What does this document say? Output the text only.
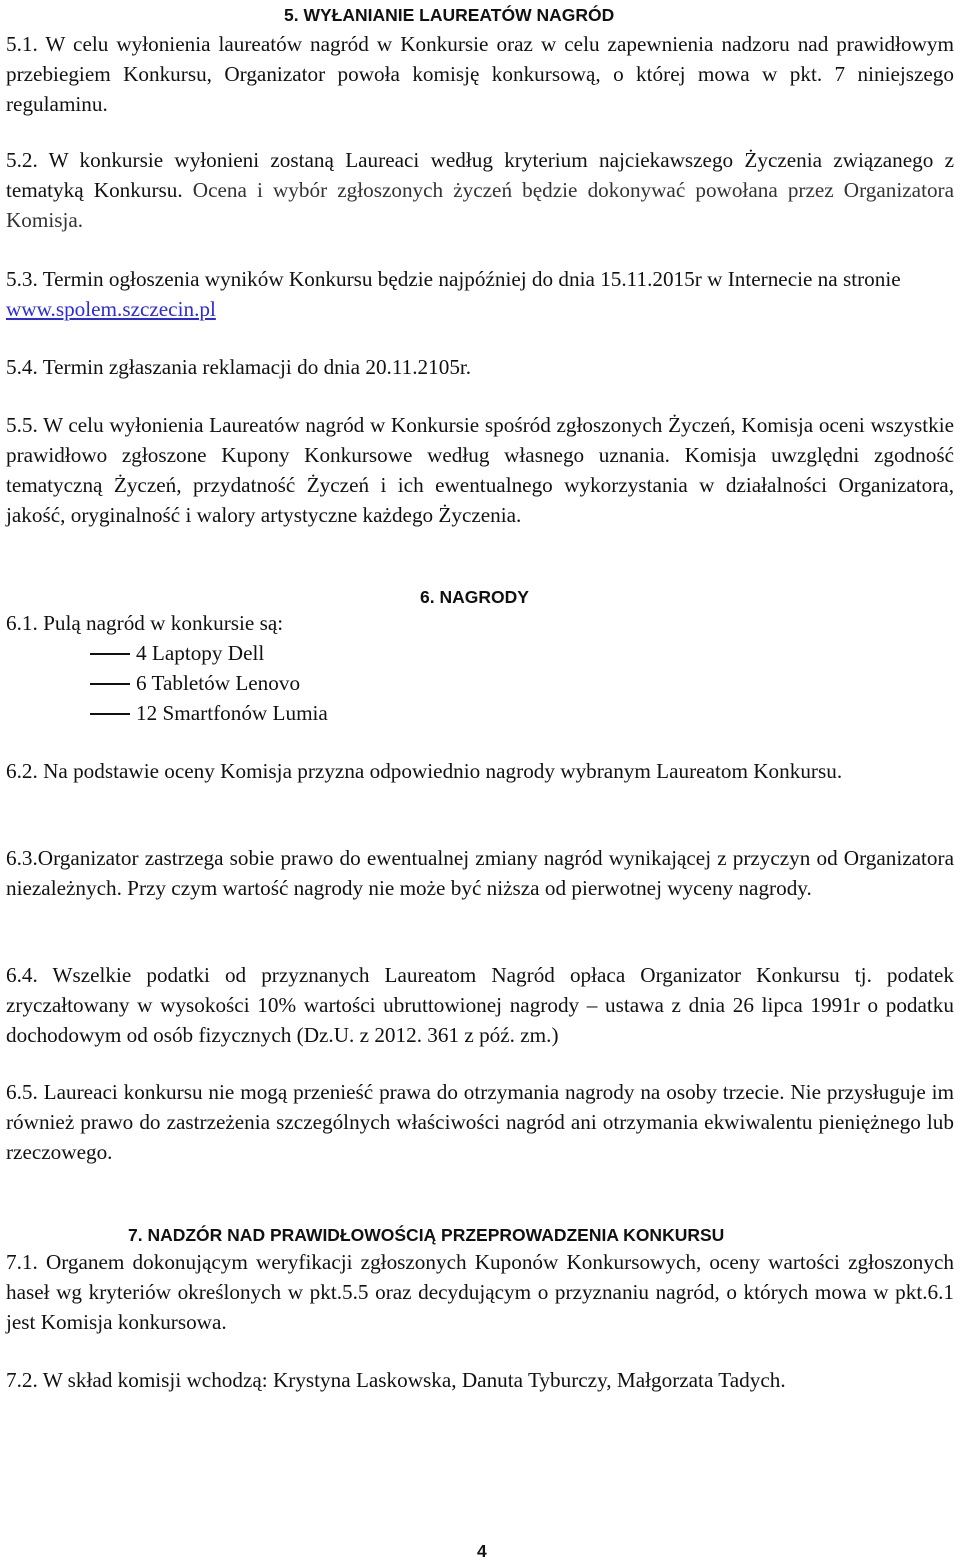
5. WYŁANIANIE LAUREATÓW NAGRÓD

5.1. W celu wyłonienia laureatów nagród w Konkursie oraz w celu zapewnienia nadzoru nad prawidłowym przebiegiem Konkursu, Organizator powoła komisję konkursową, o której mowa w pkt. 7 niniejszego regulaminu.

5.2. W konkursie wyłonieni zostaną Laureaci według kryterium najciekawszego Życzenia związanego z tematyką Konkursu. Ocena i wybór zgłoszonych życzeń będzie dokonywać powołana przez Organizatora Komisja.

5.3. Termin ogłoszenia wyników Konkursu będzie najpóźniej do dnia 15.11.2015r w Internecie na stronie www.spolem.szczecin.pl

5.4. Termin zgłaszania reklamacji do dnia 20.11.2105r.

5.5. W celu wyłonienia Laureatów nagród w Konkursie spośród zgłoszonych Życzeń, Komisja oceni wszystkie prawidłowo zgłoszone Kupony Konkursowe według własnego uznania. Komisja uwzględni zgodność tematyczną Życzeń, przydatność Życzeń i ich ewentualnego wykorzystania w działalności Organizatora, jakość, oryginalność i walory artystyczne każdego Życzenia.

6. NAGRODY

6.1. Pulą nagród w konkursie są:

4 Laptopy Dell
6 Tabletów Lenovo
12 Smartfonów Lumia

6.2. Na podstawie oceny Komisja przyzna odpowiednio nagrody wybranym Laureatom Konkursu.

6.3.Organizator zastrzega sobie prawo do ewentualnej zmiany nagród wynikającej z przyczyn od Organizatora niezależnych. Przy czym wartość nagrody nie może być niższa od pierwotnej wyceny nagrody.

6.4. Wszelkie podatki od przyznanych Laureatom Nagród opłaca Organizator Konkursu tj. podatek zryczałtowany w wysokości 10% wartości ubruttowionej nagrody – ustawa z dnia 26 lipca 1991r o podatku dochodowym od osób fizycznych (Dz.U. z 2012. 361 z póź. zm.)

6.5. Laureaci konkursu nie mogą przenieść prawa do otrzymania nagrody na osoby trzecie. Nie przysługuje im również prawo do zastrzeżenia szczególnych właściwości nagród ani otrzymania ekwiwalentu pieniężnego lub rzeczowego.

7. NADZÓR NAD PRAWIDŁOWOŚCIĄ PRZEPROWADZENIA KONKURSU

7.1. Organem dokonującym weryfikacji zgłoszonych Kuponów Konkursowych, oceny wartości zgłoszonych haseł wg kryteriów określonych w pkt.5.5 oraz decydującym o przyznaniu nagród, o których mowa w pkt.6.1 jest Komisja konkursowa.

7.2. W skład komisji wchodzą: Krystyna Laskowska, Danuta Tyburczy, Małgorzata Tadych.

4
